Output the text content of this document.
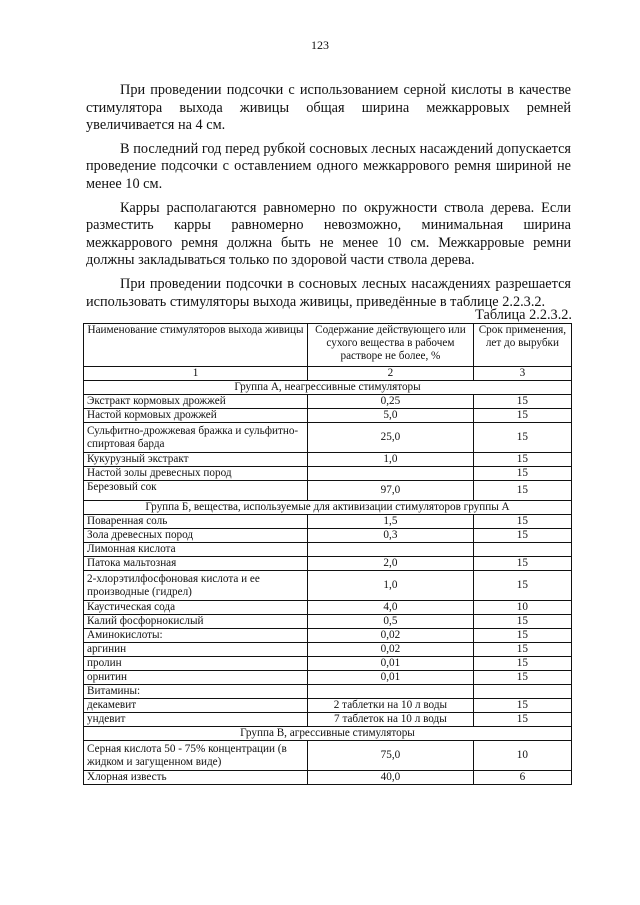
123

При проведении подсочки с использованием серной кислоты в качестве стимулятора выхода живицы общая ширина межкарровых ремней увеличивается на 4 см.

В последний год перед рубкой сосновых лесных насаждений допускается проведение подсочки с оставлением одного межкаррового ремня шириной не менее 10 см.

Карры располагаются равномерно по окружности ствола дерева. Если разместить карры равномерно невозможно, минимальная ширина межкаррового ремня должна быть не менее 10 см. Межкарровые ремни должны закладываться только по здоровой части ствола дерева.

При проведении подсочки в сосновых лесных насаждениях разрешается использовать стимуляторы выхода живицы, приведённые в таблице 2.2.3.2.

Таблица 2.2.3.2.
Наименование стимуляторов выхода живицы	Содержание действующего или сухого вещества в рабочем растворе не более, %	Срок применения, лет до вырубки
1	2	3
Группа А, неагрессивные стимуляторы		
Экстракт кормовых дрожжей	0,25	15
Настой кормовых дрожжей	5,0	15
Сульфитно-дрожжевая бражка и сульфитно-спиртовая барда	25,0	15
Кукурузный экстракт	1,0	15
Настой золы древесных пород		15
Березовый сок	97,0	15
Группа Б, вещества, используемые для активизации стимуляторов группы А		
Поваренная соль	1,5	15
Зола древесных пород	0,3	15
Лимонная кислота		
Патока мальтозная	2,0	15
2-хлорэтилфосфоновая кислота и ее производные (гидрел)	1,0	15
Каустическая сода	4,0	10
Калий фосфорнокислый	0,5	15
Аминокислоты:	0,02	15
аргинин	0,02	15
пролин	0,01	15
орнитин	0,01	15
Витамины:		
декамевит	2 таблетки на 10 л воды	15
ундевит	7 таблеток на 10 л воды	15
Группа В, агрессивные стимуляторы		
Серная кислота 50 - 75% концентрации (в жидком и загущенном виде)	75,0	10
Хлорная известь	40,0	6
